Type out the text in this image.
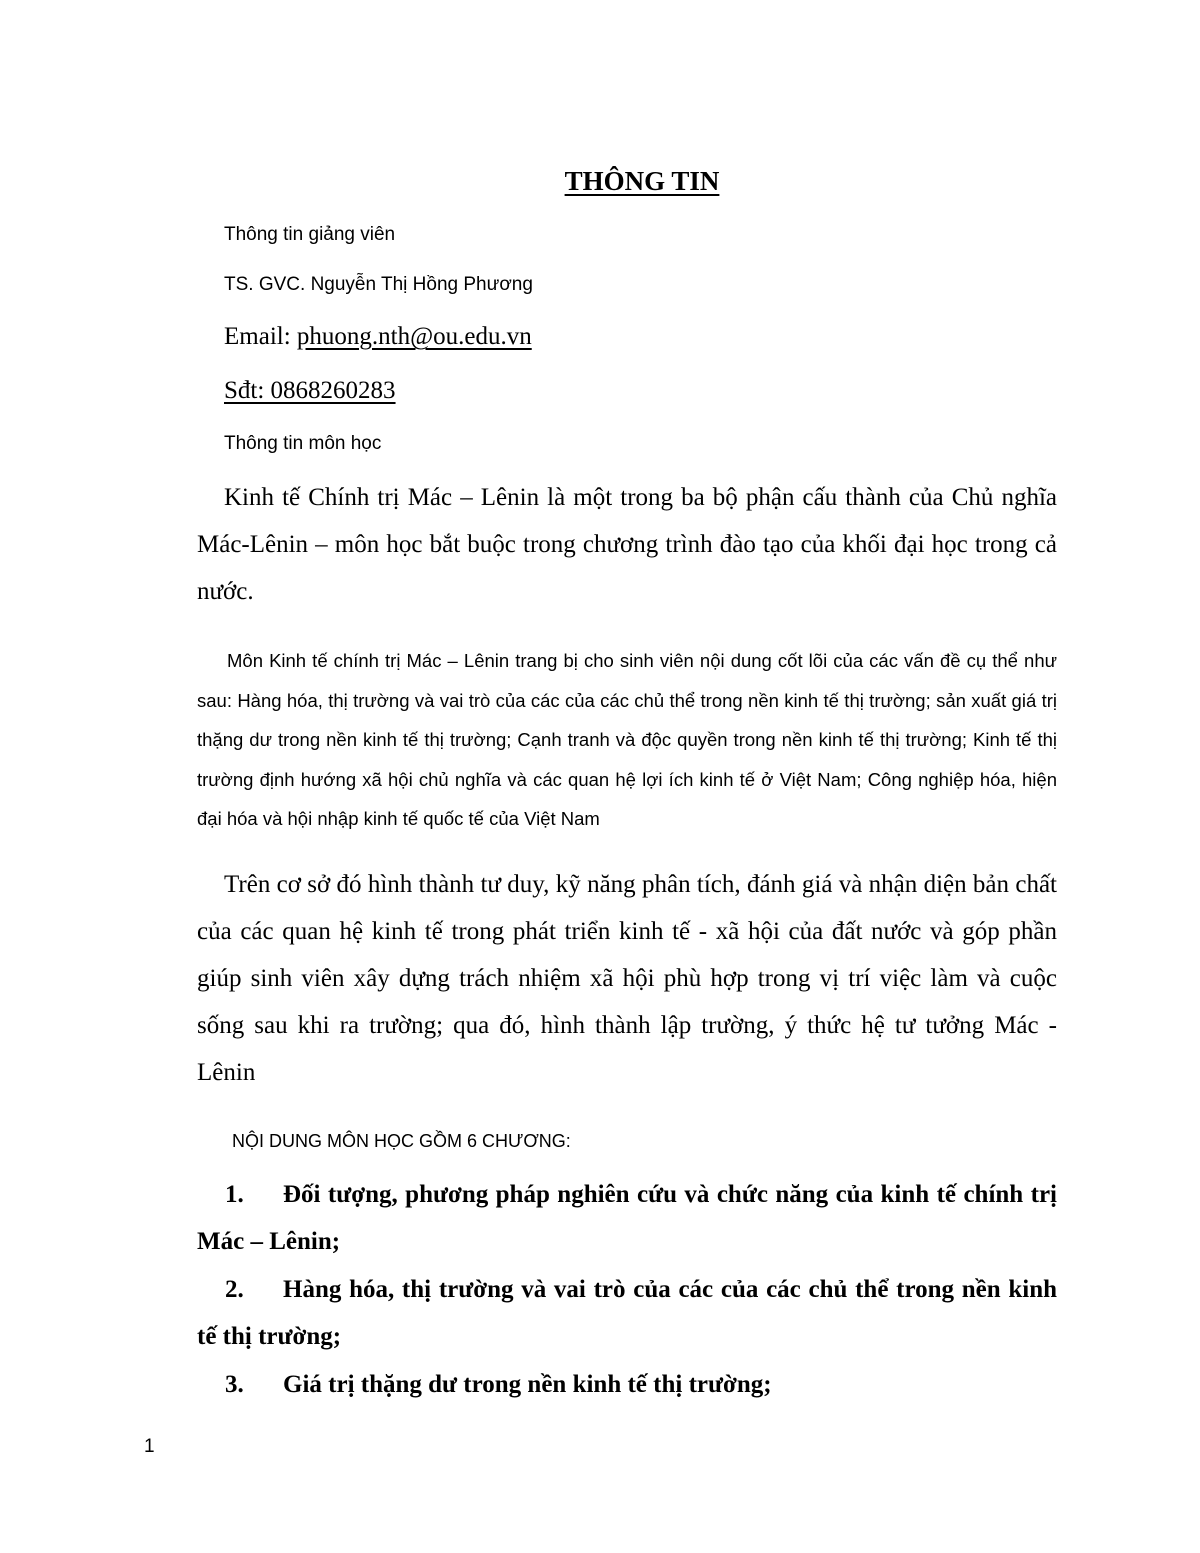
THÔNG TIN
Thông tin giảng viên
TS. GVC. Nguyễn Thị Hồng Phương
Email: phuong.nth@ou.edu.vn
Sđt: 0868260283
Thông tin môn học

Kinh tế Chính trị Mác – Lênin là một trong ba bộ phận cấu thành của Chủ nghĩa Mác-Lênin – môn học bắt buộc trong chương trình đào tạo của khối đại học trong cả nước.

Môn Kinh tế chính trị Mác – Lênin trang bị cho sinh viên nội dung cốt lõi của các vấn đề cụ thể như sau: Hàng hóa, thị trường và vai trò của các của các chủ thể trong nền kinh tế thị trường; sản xuất giá trị thặng dư trong nền kinh tế thị trường; Cạnh tranh và độc quyền trong nền kinh tế thị trường; Kinh tế thị trường định hướng xã hội chủ nghĩa và các quan hệ lợi ích kinh tế ở Việt Nam; Công nghiệp hóa, hiện đại hóa và hội nhập kinh tế quốc tế của Việt Nam

Trên cơ sở đó hình thành tư duy, kỹ năng phân tích, đánh giá và nhận diện bản chất của các quan hệ kinh tế trong phát triển kinh tế - xã hội của đất nước và góp phần giúp sinh viên xây dựng trách nhiệm xã hội phù hợp trong vị trí việc làm và cuộc sống sau khi ra trường; qua đó, hình thành lập trường, ý thức hệ tư tưởng Mác - Lênin

NỘI DUNG MÔN HỌC GỒM 6 CHƯƠNG:

1. Đối tượng, phương pháp nghiên cứu và chức năng của kinh tế chính trị Mác – Lênin;

2. Hàng hóa, thị trường và vai trò của các của các chủ thể trong nền kinh tế thị trường;

3. Giá trị thặng dư trong nền kinh tế thị trường;

1
